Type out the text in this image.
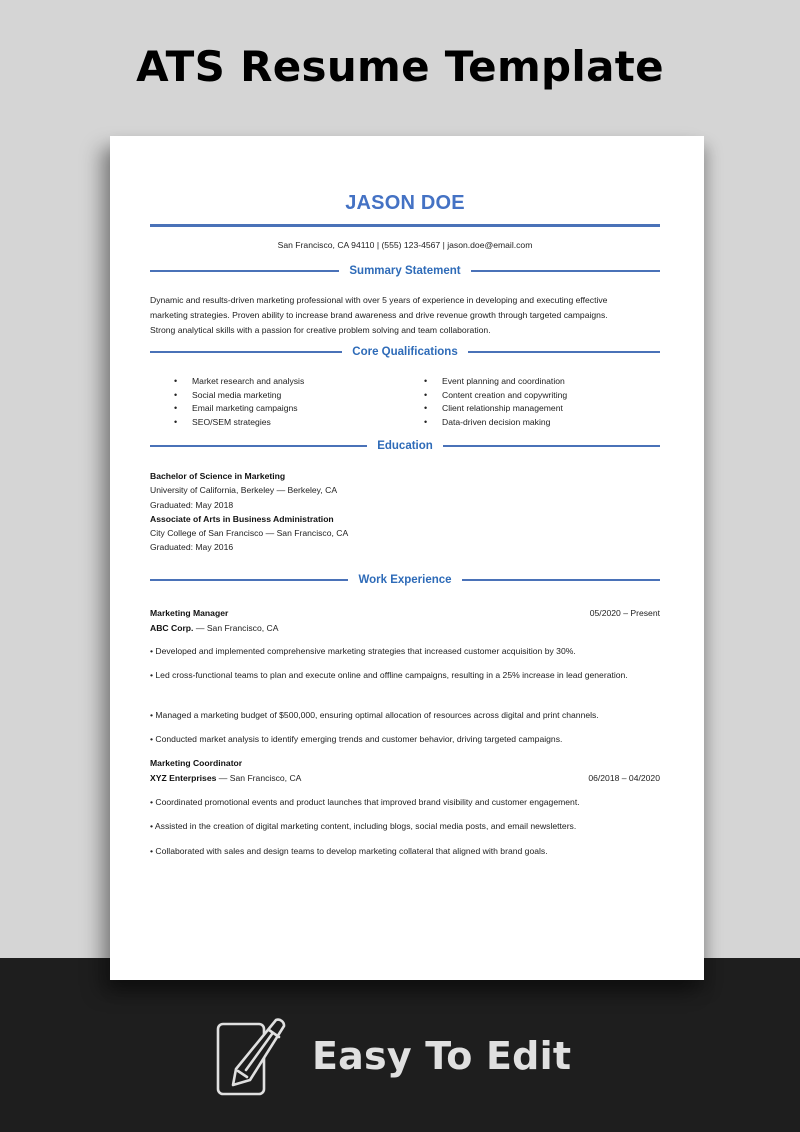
ATS Resume Template
JASON DOE
San Francisco, CA 94110 | (555) 123-4567 | jason.doe@email.com
Summary Statement
Dynamic and results-driven marketing professional with over 5 years of experience in developing and executing effective
marketing strategies. Proven ability to increase brand awareness and drive revenue growth through targeted campaigns.
Strong analytical skills with a passion for creative problem solving and team collaboration.
Core Qualifications
• Market research and analysis
• Social media marketing
• Email marketing campaigns
• SEO/SEM strategies
• Event planning and coordination
• Content creation and copywriting
• Client relationship management
• Data-driven decision making
Education
Bachelor of Science in Marketing
University of California, Berkeley — Berkeley, CA
Graduated: May 2018
Associate of Arts in Business Administration
City College of San Francisco — San Francisco, CA
Graduated: May 2016
Work Experience
Marketing Manager	05/2020 – Present
ABC Corp. — San Francisco, CA
• Developed and implemented comprehensive marketing strategies that increased customer acquisition by 30%.
• Led cross-functional teams to plan and execute online and offline campaigns, resulting in a 25% increase in lead generation.
• Managed a marketing budget of $500,000, ensuring optimal allocation of resources across digital and print channels.
• Conducted market analysis to identify emerging trends and customer behavior, driving targeted campaigns.
Marketing Coordinator
XYZ Enterprises — San Francisco, CA	06/2018 – 04/2020
• Coordinated promotional events and product launches that improved brand visibility and customer engagement.
• Assisted in the creation of digital marketing content, including blogs, social media posts, and email newsletters.
• Collaborated with sales and design teams to develop marketing collateral that aligned with brand goals.
Easy To Edit
